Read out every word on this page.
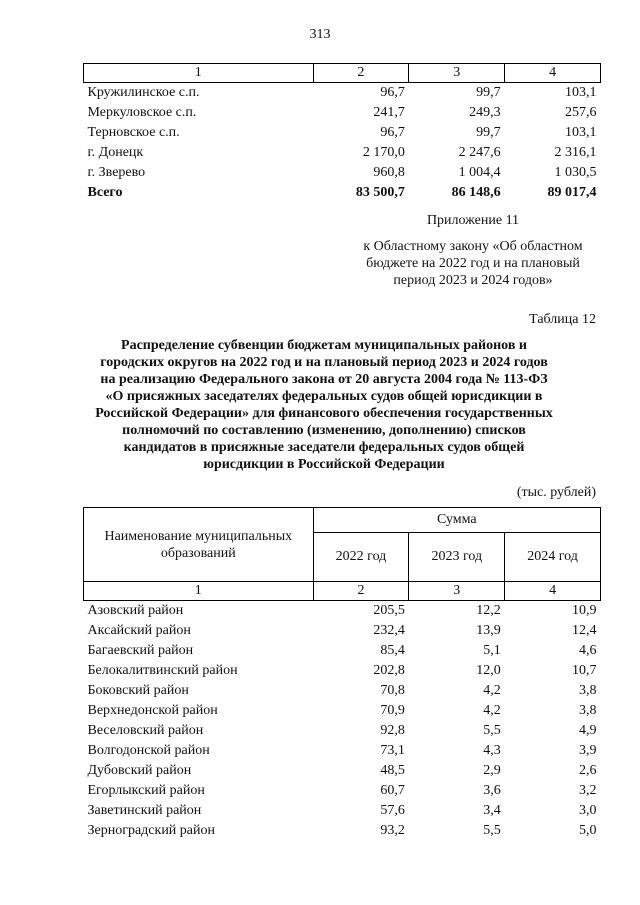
313
1	2	3	4
Кружилинское с.п.	96,7	99,7	103,1
Меркуловское с.п.	241,7	249,3	257,6
Терновское с.п.	96,7	99,7	103,1
г. Донецк	2 170,0	2 247,6	2 316,1
г. Зверево	960,8	1 004,4	1 030,5
Всего	83 500,7	86 148,6	89 017,4
Приложение 11
к Областному закону «Об областном
бюджете на 2022 год и на плановый
период 2023 и 2024 годов»
Таблица 12
Распределение субвенции бюджетам муниципальных районов и
городских округов на 2022 год и на плановый период 2023 и 2024 годов
на реализацию Федерального закона от 20 августа 2004 года № 113-ФЗ
«О присяжных заседателях федеральных судов общей юрисдикции в
Российской Федерации» для финансового обеспечения государственных
полномочий по составлению (изменению, дополнению) списков
кандидатов в присяжные заседатели федеральных судов общей
юрисдикции в Российской Федерации
(тыс. рублей)
Наименование муниципальных образований	Сумма		
	2022 год	2023 год	2024 год
1	2	3	4
Азовский район	205,5	12,2	10,9
Аксайский район	232,4	13,9	12,4
Багаевский район	85,4	5,1	4,6
Белокалитвинский район	202,8	12,0	10,7
Боковский район	70,8	4,2	3,8
Верхнедонской район	70,9	4,2	3,8
Веселовский район	92,8	5,5	4,9
Волгодонской район	73,1	4,3	3,9
Дубовский район	48,5	2,9	2,6
Егорлыкский район	60,7	3,6	3,2
Заветинский район	57,6	3,4	3,0
Зерноградский район	93,2	5,5	5,0
